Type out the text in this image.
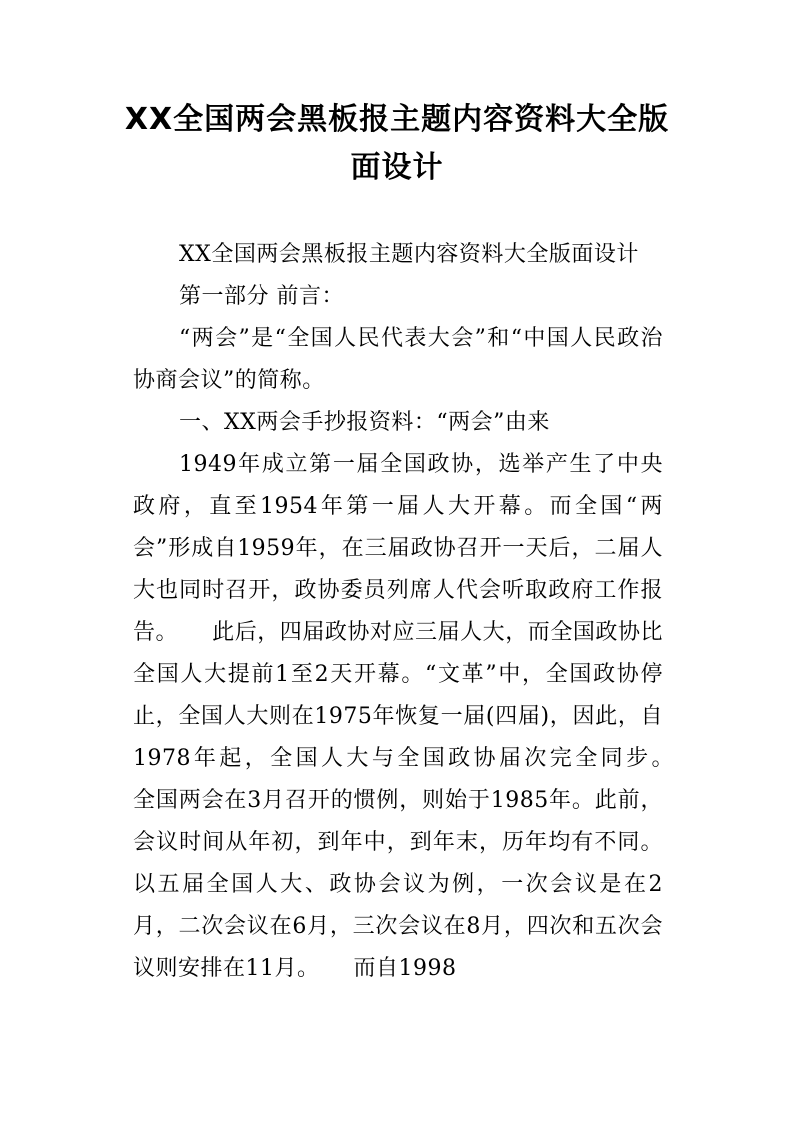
XX全国两会黑板报主题内容资料大全版面设计

XX全国两会黑板报主题内容资料大全版面设计

第一部分 前言：

“两会”是“全国人民代表大会”和“中国人民政治协商会议”的简称。

一、XX两会手抄报资料：“两会”由来

1949年成立第一届全国政协，选举产生了中央政府，直至1954年第一届人大开幕。而全国“两会”形成自1959年，在三届政协召开一天后，二届人大也同时召开，政协委员列席人代会听取政府工作报告。　　此后，四届政协对应三届人大，而全国政协比全国人大提前1至2天开幕。“文革”中，全国政协停止，全国人大则在1975年恢复一届(四届)，因此，自1978年起，全国人大与全国政协届次完全同步。　　全国两会在3月召开的惯例，则始于1985年。此前，会议时间从年初，到年中，到年末，历年均有不同。以五届全国人大、政协会议为例，一次会议是在2月，二次会议在6月，三次会议在8月，四次和五次会议则安排在11月。　　而自1998
